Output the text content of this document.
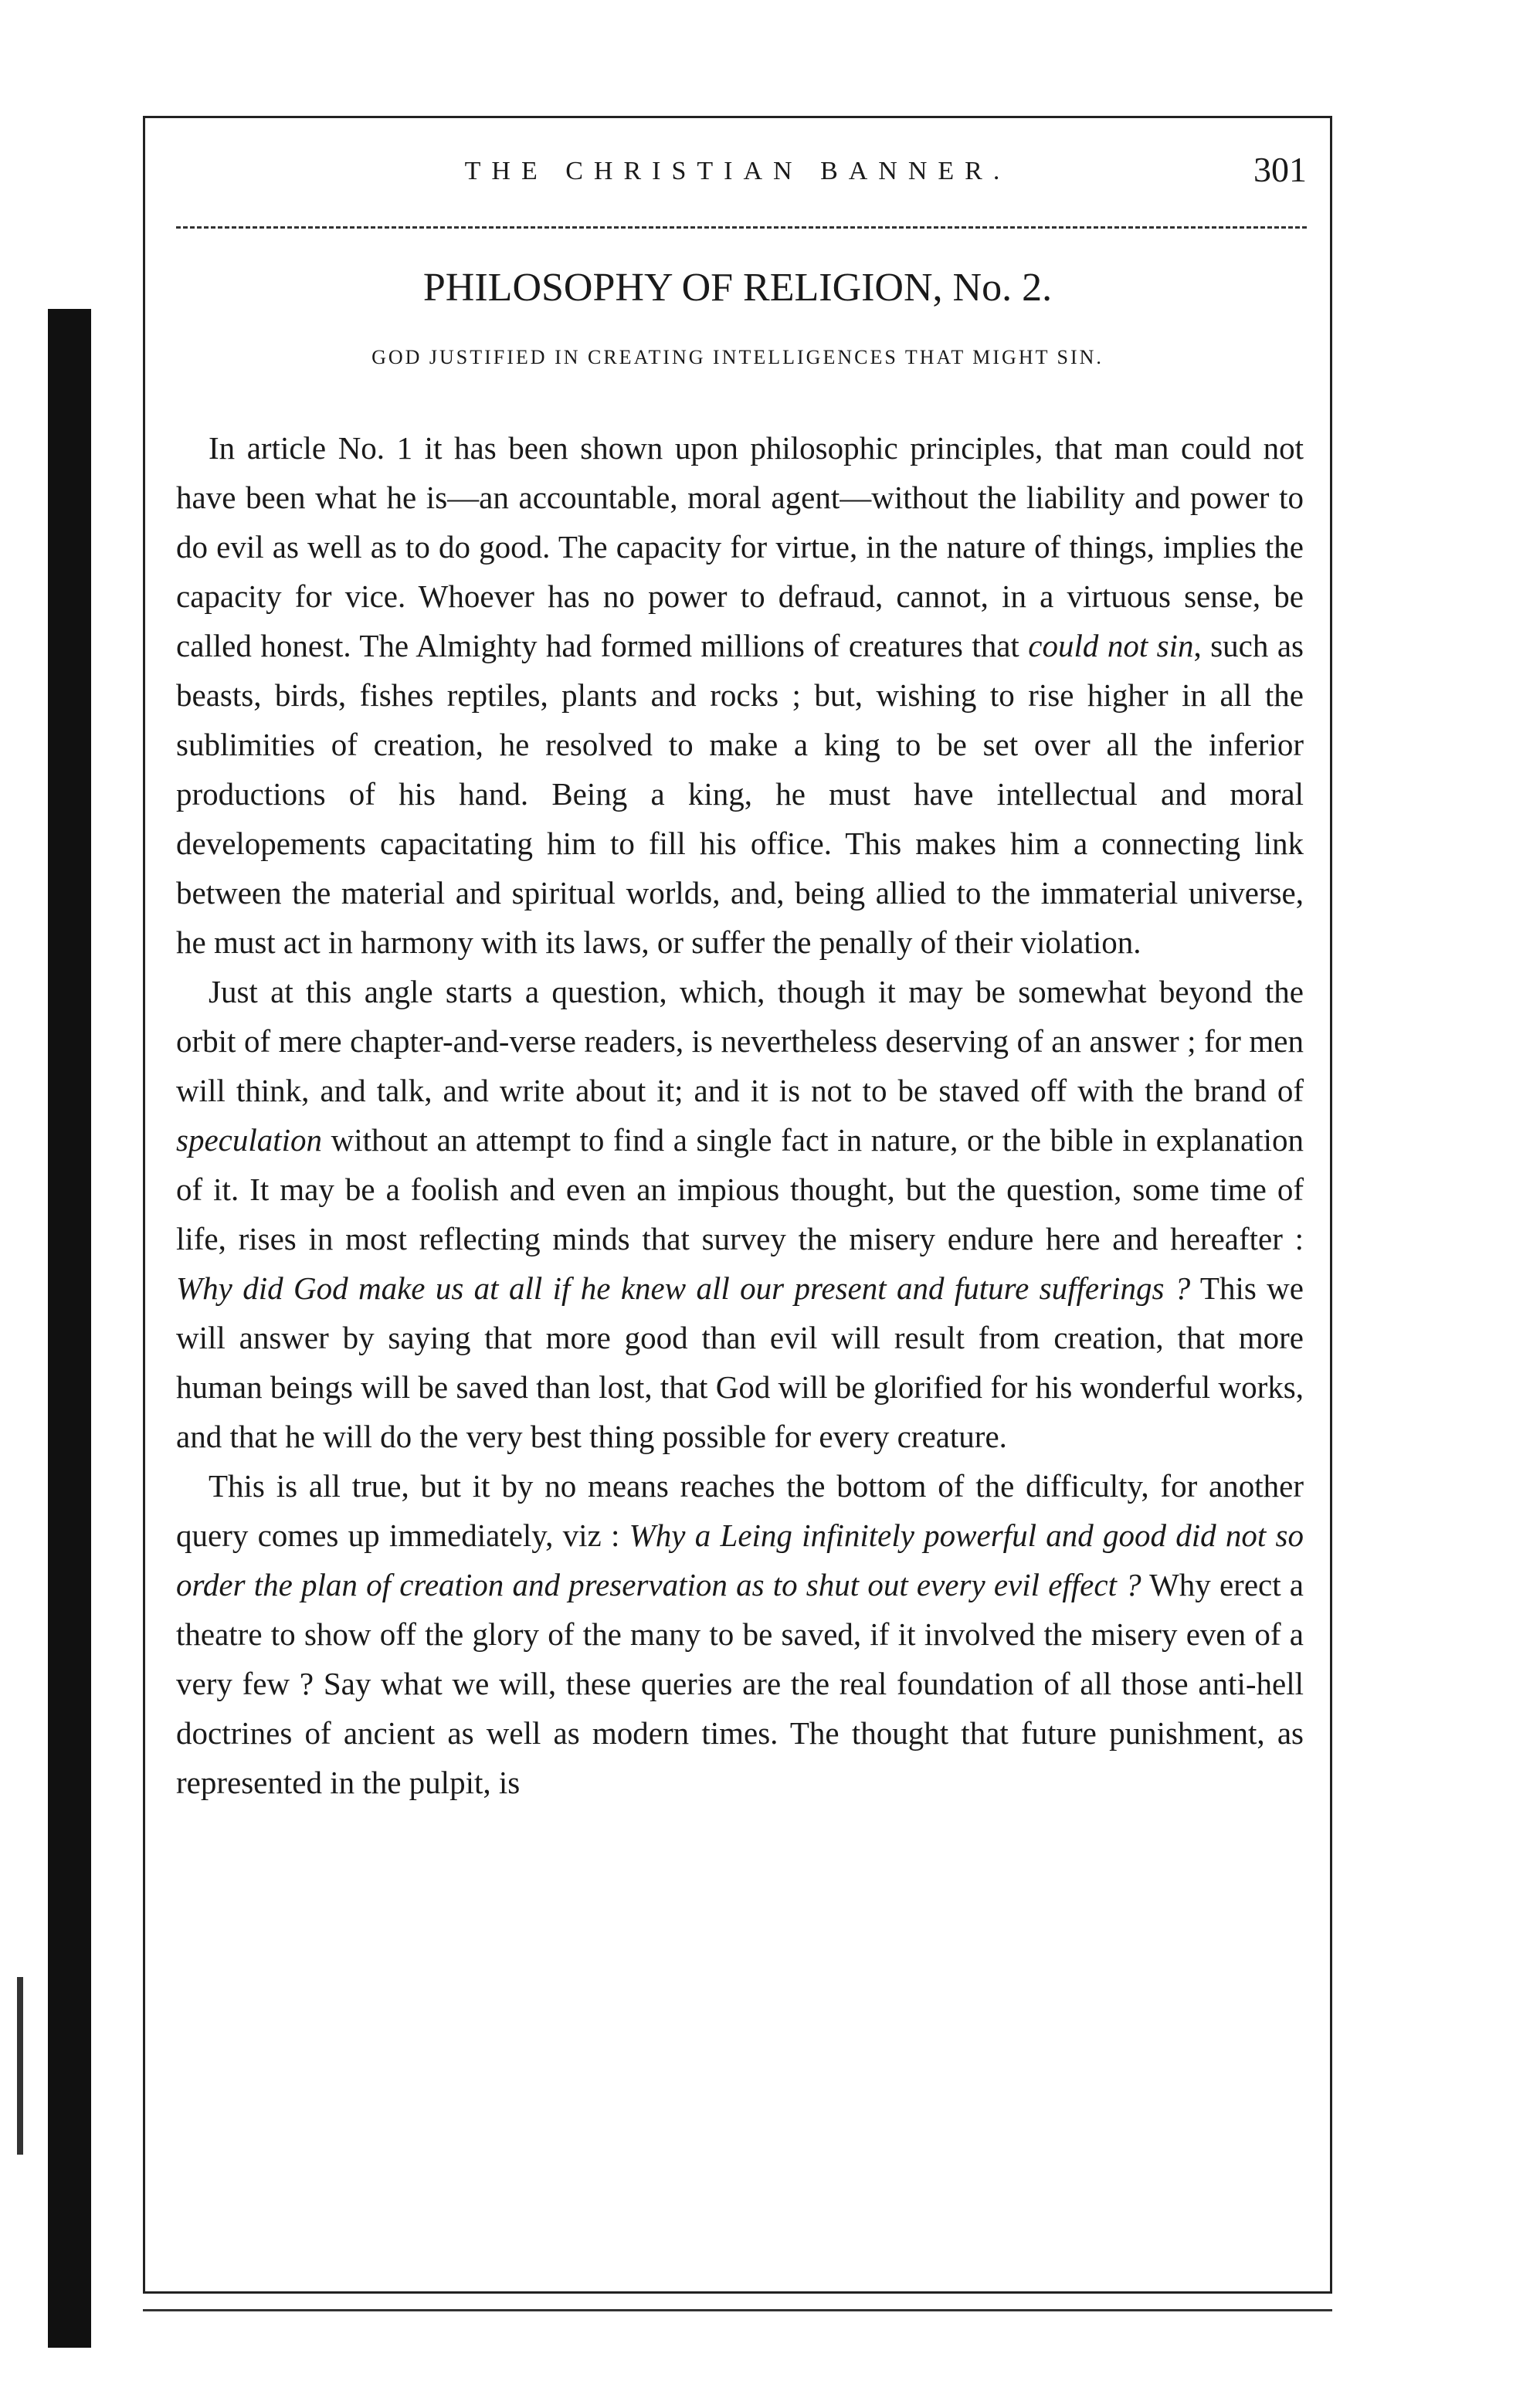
THE CHRISTIAN BANNER.	301
PHILOSOPHY OF RELIGION, No. 2.
GOD JUSTIFIED IN CREATING INTELLIGENCES THAT MIGHT SIN.

In article No. 1 it has been shown upon philosophic principles, that man could not have been what he is—an accountable, moral agent—without the liability and power to do evil as well as to do good. The capacity for virtue, in the nature of things, implies the capacity for vice. Whoever has no power to defraud, cannot, in a virtuous sense, be called honest. The Almighty had formed millions of creatures that could not sin, such as beasts, birds, fishes reptiles, plants and rocks ; but, wishing to rise higher in all the sublimities of creation, he resolved to make a king to be set over all the inferior productions of his hand. Being a king, he must have intellectual and moral developements capacitating him to fill his office. This makes him a connecting link between the material and spiritual worlds, and, being allied to the immaterial universe, he must act in harmony with its laws, or suffer the penally of their violation.

Just at this angle starts a question, which, though it may be somewhat beyond the orbit of mere chapter-and-verse readers, is nevertheless deserving of an answer ; for men will think, and talk, and write about it; and it is not to be staved off with the brand of speculation without an attempt to find a single fact in nature, or the bible in explanation of it. It may be a foolish and even an impious thought, but the question, some time of life, rises in most reflecting minds that survey the misery endure here and hereafter : Why did God make us at all if he knew all our present and future sufferings ? This we will answer by saying that more good than evil will result from creation, that more human beings will be saved than lost, that God will be glorified for his wonderful works, and that he will do the very best thing possible for every creature.

This is all true, but it by no means reaches the bottom of the difficulty, for another query comes up immediately, viz : Why a Leing infinitely powerful and good did not so order the plan of creation and preservation as to shut out every evil effect ? Why erect a theatre to show off the glory of the many to be saved, if it involved the misery even of a very few ? Say what we will, these queries are the real foundation of all those anti-hell doctrines of ancient as well as modern times. The thought that future punishment, as represented in the pulpit, is
